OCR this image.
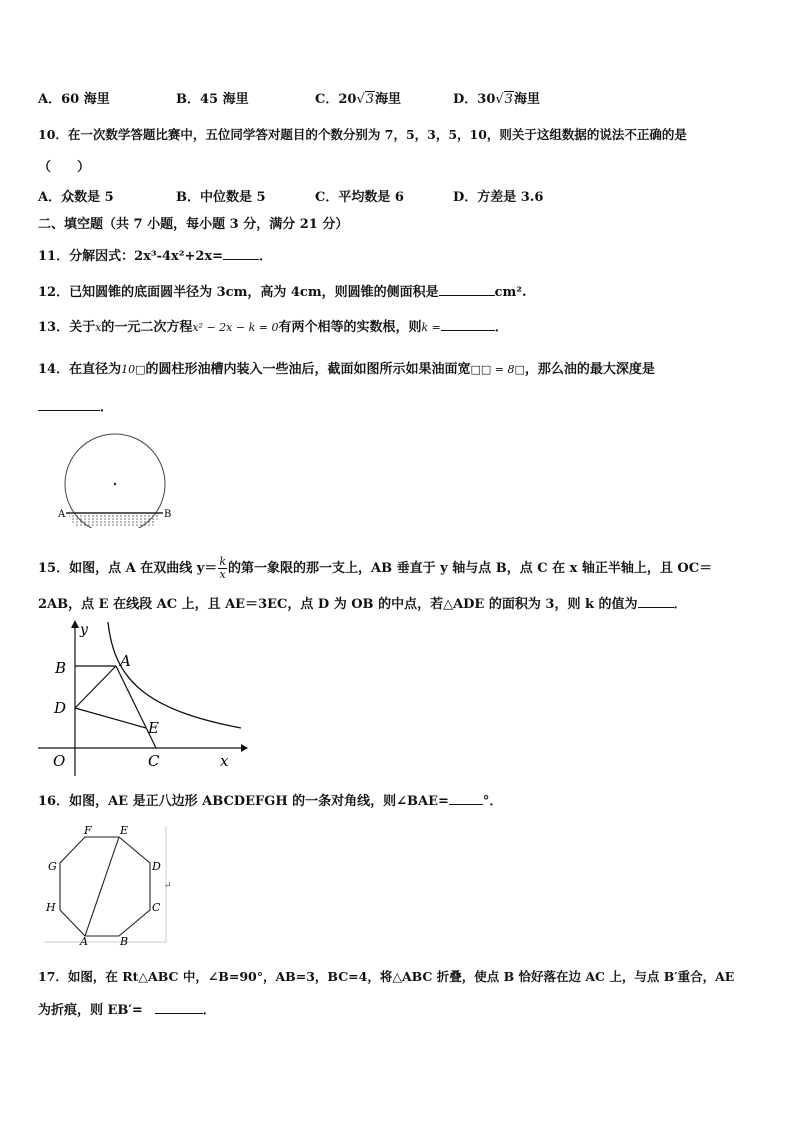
A．60 海里	B．45 海里	C．20√3海里	D．30√3海里
10．在一次数学答题比赛中，五位同学答对题目的个数分别为 7，5，3，5，10，则关于这组数据的说法不正确的是
（　　）
A．众数是 5	B．中位数是 5	C．平均数是 6	D．方差是 3.6
二、填空题（共 7 小题，每小题 3 分，满分 21 分）
11．分解因式：2x³-4x²+2x=	．
12．已知圆锥的底面圆半径为 3cm，高为 4cm，则圆锥的侧面积是	cm².
13．关于x的一元二次方程x² − 2x − k = 0有两个相等的实数根，则k =	．
14．在直径为10□的圆柱形油槽内装入一些油后，截面如图所示如果油面宽□□ = 8□，那么油的最大深度是
．
A	B
15．如图，点 A 在双曲线 $y= \frac{k}{x}$ 的第一象限的那一支上，AB 垂直于 y 轴与点 B，点 C 在 x 轴正半轴上，且 OC＝
2AB，点 E 在线段 AC 上，且 AE＝3EC，点 D 为 OB 的中点，若△ADE 的面积为 3，则 k 的值为	．
y
x
O
A
B
C
D
E
16．如图，AE 是正八边形 ABCDEFGH 的一条对角线，则∠BAE=	°．
A	B
C
D
E
F
G
H
↵
17．如图，在 Rt△ABC 中，∠B=90°，AB=3，BC=4，将△ABC 折叠，使点 B 恰好落在边 AC 上，与点 B′重合，AE
为折痕，则 EB′=	．
